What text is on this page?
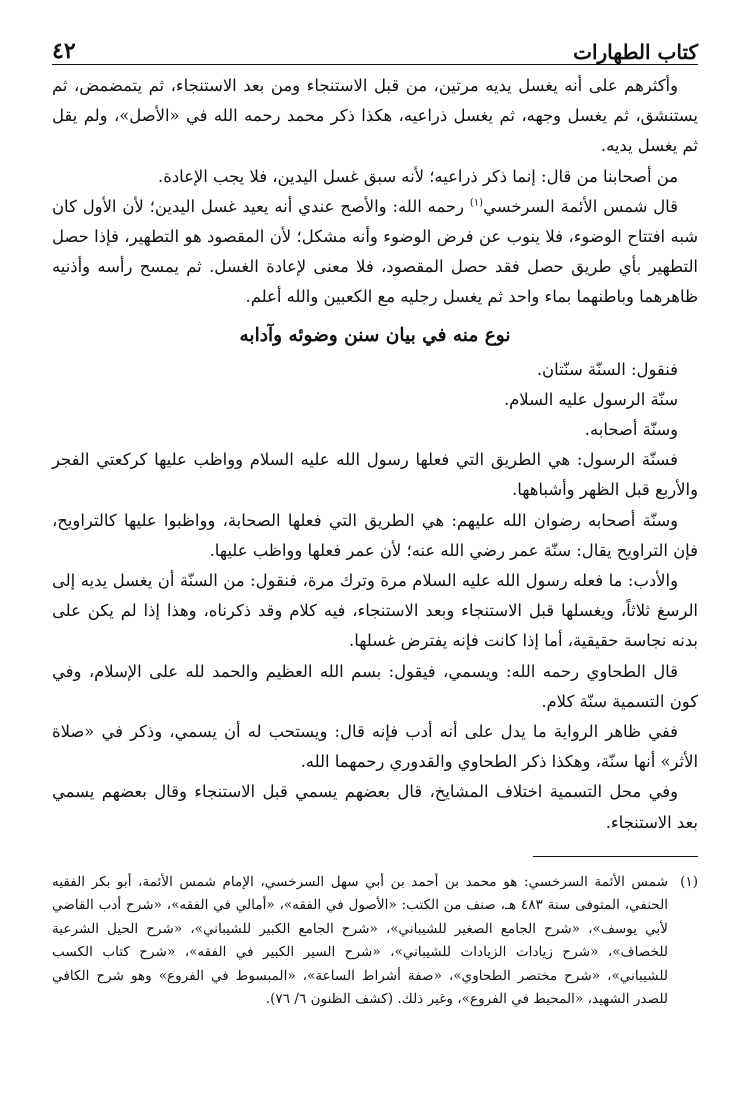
كتاب الطهارات
٤٢

وأكثرهم على أنه يغسل يديه مرتين، من قبل الاستنجاء ومن بعد الاستنجاء، ثم يتمضمض، ثم يستنشق، ثم يغسل وجهه، ثم يغسل ذراعيه، هكذا ذكر محمد رحمه الله في «الأصل»، ولم يقل ثم يغسل يديه.

من أصحابنا من قال: إنما ذكر ذراعيه؛ لأنه سبق غسل اليدين، فلا يجب الإعادة.

قال شمس الأئمة السرخسي$^{(١)}$ رحمه الله: والأصح عندي أنه يعيد غسل اليدين؛ لأن الأول كان شبه افتتاح الوضوء، فلا ينوب عن فرض الوضوء وأنه مشكل؛ لأن المقصود هو التطهير، فإذا حصل التطهير بأي طريق حصل فقد حصل المقصود، فلا معنى لإعادة الغسل. ثم يمسح رأسه وأذنيه ظاهرهما وباطنهما بماء واحد ثم يغسل رجليه مع الكعبين والله أعلم.

نوع منه في بيان سنن وضوئه وآدابه

فنقول: السنّة سنّتان.

سنّة الرسول عليه السلام.

وسنّة أصحابه.

فسنّة الرسول: هي الطريق التي فعلها رسول الله عليه السلام وواظب عليها كركعتي الفجر والأربع قبل الظهر وأشباهها.

وسنّة أصحابه رضوان الله عليهم: هي الطريق التي فعلها الصحابة، وواظبوا عليها كالتراويح، فإن التراويح يقال: سنّة عمر رضي الله عنه؛ لأن عمر فعلها وواظب عليها.

والأدب: ما فعله رسول الله عليه السلام مرة وترك مرة، فنقول: من السنّة أن يغسل يديه إلى الرسغ ثلاثاً، ويغسلها قبل الاستنجاء وبعد الاستنجاء، فيه كلام وقد ذكرناه، وهذا إذا لم يكن على بدنه نجاسة حقيقية، أما إذا كانت فإنه يفترض غسلها.

قال الطحاوي رحمه الله: ويسمي، فيقول: بسم الله العظيم والحمد لله على الإسلام، وفي كون التسمية سنّة كلام.

ففي ظاهر الرواية ما يدل على أنه أدب فإنه قال: ويستحب له أن يسمي، وذكر في «صلاة الأثر» أنها سنّة، وهكذا ذكر الطحاوي والقدوري رحمهما الله.

وفي محل التسمية اختلاف المشايخ، قال بعضهم يسمي قبل الاستنجاء وقال بعضهم يسمي بعد الاستنجاء.

(١)
شمس الأئمة السرخسي: هو محمد بن أحمد بن أبي سهل السرخسي، الإمام شمس الأئمة، أبو بكر الفقيه الحنفي، المتوفى سنة ٤٨٣ هـ، صنف من الكتب: «الأصول في الفقه»، «أمالي في الفقه»، «شرح أدب القاضي لأبي يوسف»، «شرح الجامع الصغير للشيباني»، «شرح الجامع الكبير للشيباني»، «شرح الحيل الشرعية للخصاف»، «شرح زيادات الزيادات للشيباني»، «شرح السير الكبير في الفقه»، «شرح كتاب الكسب للشيباني»، «شرح مختصر الطحاوي»، «صفة أشراط الساعة»، «المبسوط في الفروع» وهو شرح الكافي للصدر الشهيد، «المحيط في الفروع»، وغير ذلك. (كشف الظنون ٦/ ٧٦).
